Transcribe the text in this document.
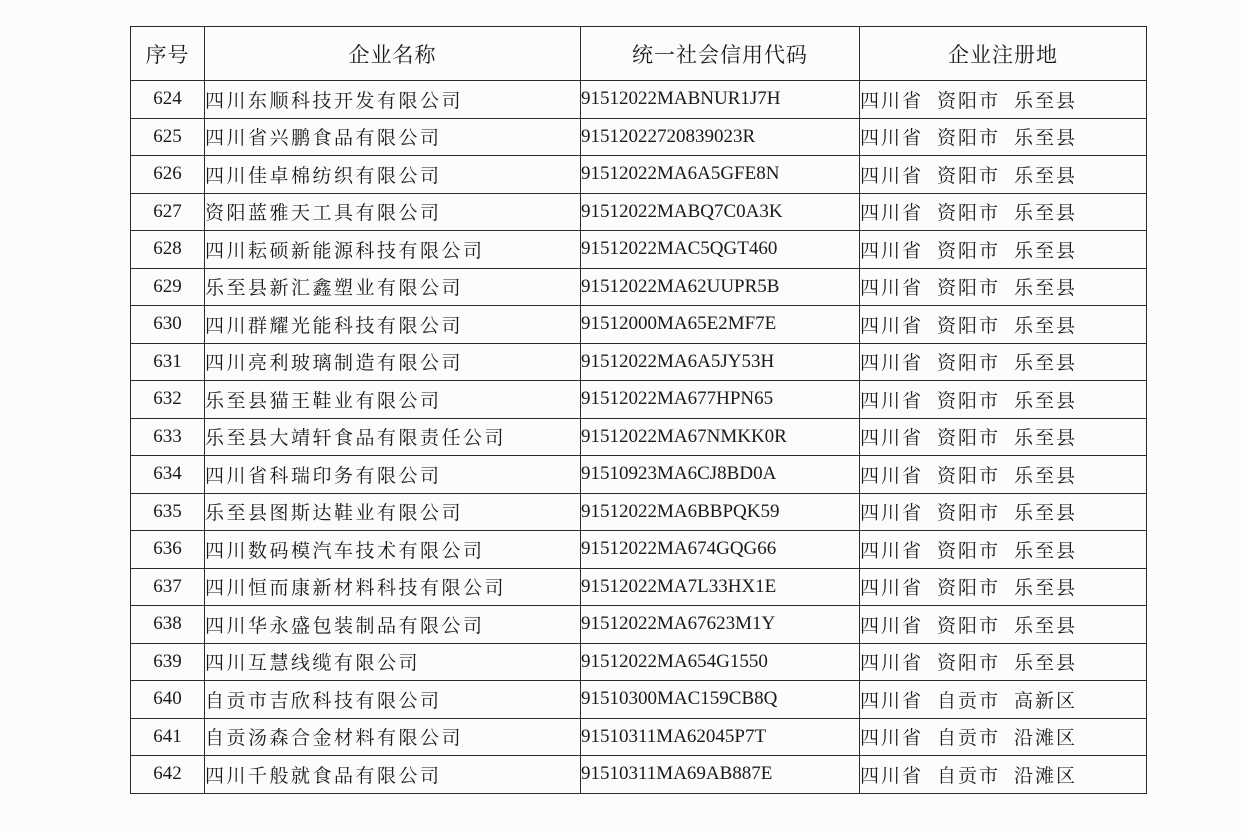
序号	企业名称	统一社会信用代码	企业注册地
624	四川东顺科技开发有限公司	91512022MABNUR1J7H	四川省 资阳市 乐至县
625	四川省兴鹏食品有限公司	91512022720839023R	四川省 资阳市 乐至县
626	四川佳卓棉纺织有限公司	91512022MA6A5GFE8N	四川省 资阳市 乐至县
627	资阳蓝雅天工具有限公司	91512022MABQ7C0A3K	四川省 资阳市 乐至县
628	四川耘硕新能源科技有限公司	91512022MAC5QGT460	四川省 资阳市 乐至县
629	乐至县新汇鑫塑业有限公司	91512022MA62UUPR5B	四川省 资阳市 乐至县
630	四川群耀光能科技有限公司	91512000MA65E2MF7E	四川省 资阳市 乐至县
631	四川亮利玻璃制造有限公司	91512022MA6A5JY53H	四川省 资阳市 乐至县
632	乐至县猫王鞋业有限公司	91512022MA677HPN65	四川省 资阳市 乐至县
633	乐至县大靖轩食品有限责任公司	91512022MA67NMKK0R	四川省 资阳市 乐至县
634	四川省科瑞印务有限公司	91510923MA6CJ8BD0A	四川省 资阳市 乐至县
635	乐至县图斯达鞋业有限公司	91512022MA6BBPQK59	四川省 资阳市 乐至县
636	四川数码模汽车技术有限公司	91512022MA674GQG66	四川省 资阳市 乐至县
637	四川恒而康新材料科技有限公司	91512022MA7L33HX1E	四川省 资阳市 乐至县
638	四川华永盛包装制品有限公司	91512022MA67623M1Y	四川省 资阳市 乐至县
639	四川互慧线缆有限公司	91512022MA654G1550	四川省 资阳市 乐至县
640	自贡市吉欣科技有限公司	91510300MAC159CB8Q	四川省 自贡市 高新区
641	自贡汤森合金材料有限公司	91510311MA62045P7T	四川省 自贡市 沿滩区
642	四川千般就食品有限公司	91510311MA69AB887E	四川省 自贡市 沿滩区
